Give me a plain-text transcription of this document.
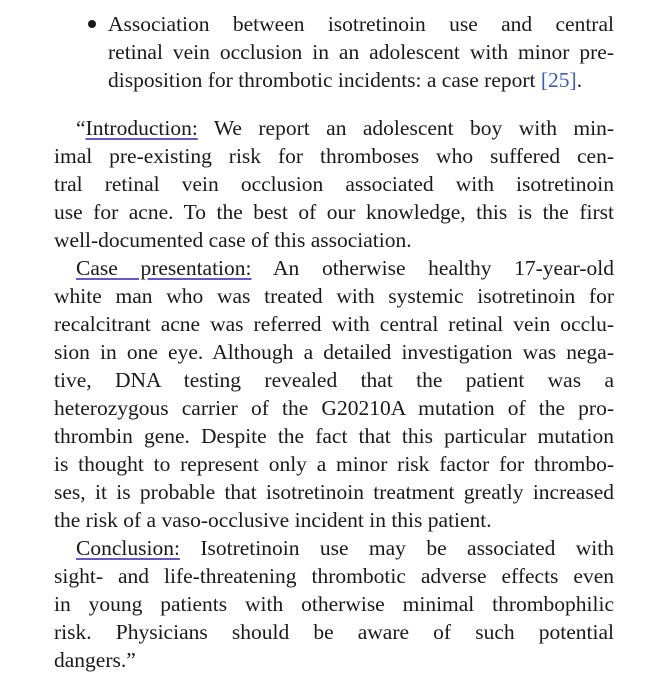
Association between isotretinoin use and central
retinal vein occlusion in an adolescent with minor pre-
disposition for thrombotic incidents: a case report [25].
“Introduction: We report an adolescent boy with min-
imal pre-existing risk for thromboses who suffered cen-
tral retinal vein occlusion associated with isotretinoin
use for acne. To the best of our knowledge, this is the first
well-documented case of this association.
Case presentation: An otherwise healthy 17-year-old
white man who was treated with systemic isotretinoin for
recalcitrant acne was referred with central retinal vein occlu-
sion in one eye. Although a detailed investigation was nega-
tive, DNA testing revealed that the patient was a
heterozygous carrier of the G20210A mutation of the pro-
thrombin gene. Despite the fact that this particular mutation
is thought to represent only a minor risk factor for thrombo-
ses, it is probable that isotretinoin treatment greatly increased
the risk of a vaso-occlusive incident in this patient.
Conclusion: Isotretinoin use may be associated with
sight- and life-threatening thrombotic adverse effects even
in young patients with otherwise minimal thrombophilic
risk. Physicians should be aware of such potential
dangers.”
